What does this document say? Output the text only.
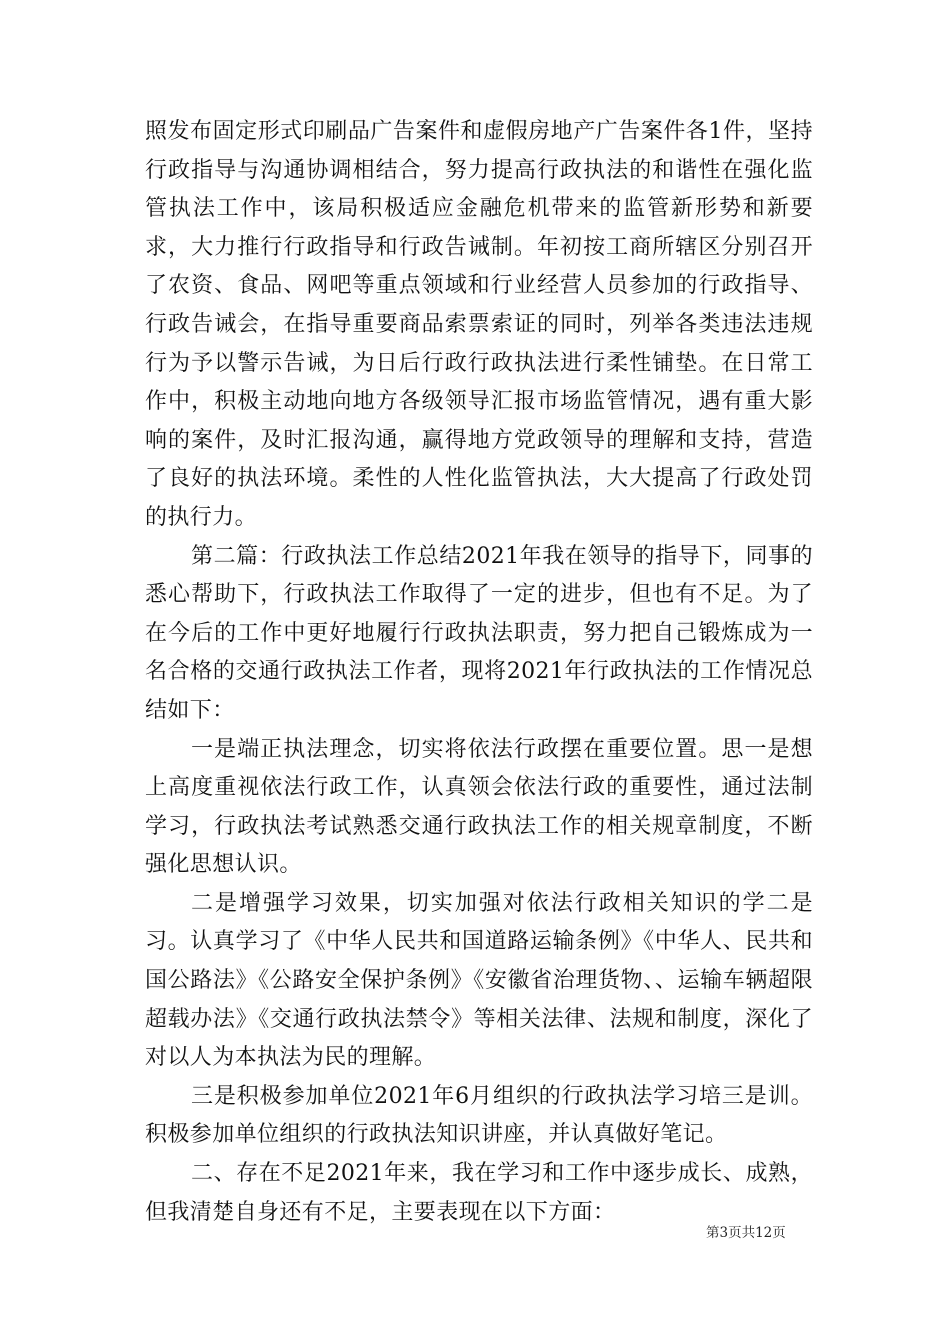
照发布固定形式印刷品广告案件和虚假房地产广告案件各1件，坚持行政指导与沟通协调相结合，努力提高行政执法的和谐性在强化监管执法工作中，该局积极适应金融危机带来的监管新形势和新要求，大力推行行政指导和行政告诫制。年初按工商所辖区分别召开了农资、食品、网吧等重点领域和行业经营人员参加的行政指导、行政告诫会，在指导重要商品索票索证的同时，列举各类违法违规行为予以警示告诫，为日后行政行政执法进行柔性铺垫。在日常工作中，积极主动地向地方各级领导汇报市场监管情况，遇有重大影响的案件，及时汇报沟通，赢得地方党政领导的理解和支持，营造了良好的执法环境。柔性的人性化监管执法，大大提高了行政处罚的执行力。

第二篇：行政执法工作总结2021年我在领导的指导下，同事的悉心帮助下，行政执法工作取得了一定的进步，但也有不足。为了在今后的工作中更好地履行行政执法职责，努力把自己锻炼成为一名合格的交通行政执法工作者，现将2021年行政执法的工作情况总结如下：

一是端正执法理念，切实将依法行政摆在重要位置。思一是想上高度重视依法行政工作，认真领会依法行政的重要性，通过法制学习，行政执法考试熟悉交通行政执法工作的相关规章制度，不断强化思想认识。

二是增强学习效果，切实加强对依法行政相关知识的学二是习。认真学习了《中华人民共和国道路运输条例》《中华人、民共和国公路法》《公路安全保护条例》《安徽省治理货物、、运输车辆超限超载办法》《交通行政执法禁令》等相关法律、法规和制度，深化了对以人为本执法为民的理解。

三是积极参加单位2021年6月组织的行政执法学习培三是训。积极参加单位组织的行政执法知识讲座，并认真做好笔记。

二、存在不足2021年来，我在学习和工作中逐步成长、成熟，但我清楚自身还有不足，主要表现在以下方面：

第3页共12页
